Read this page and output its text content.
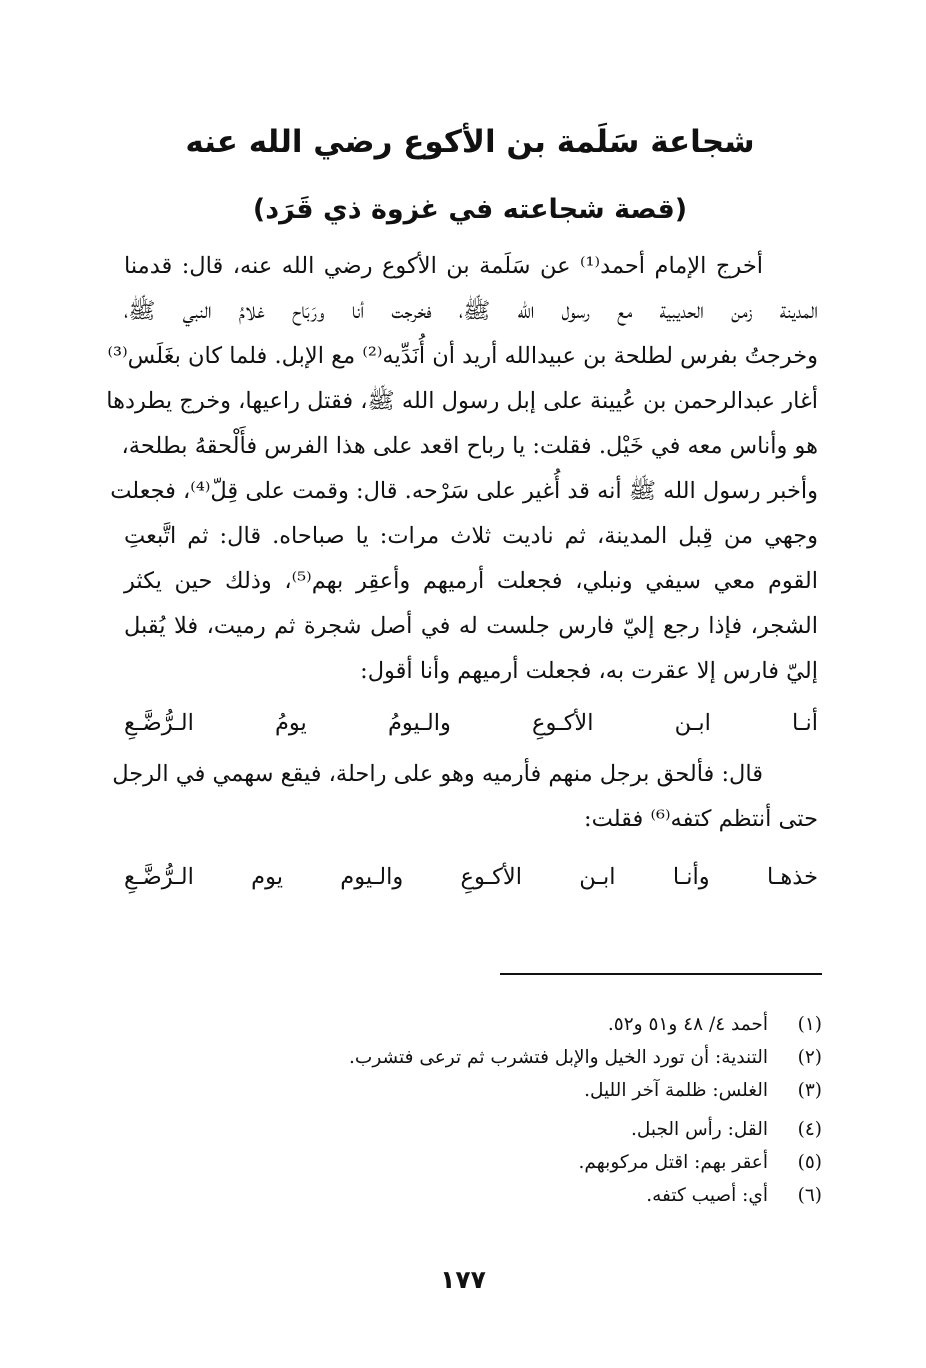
شجاعة سَلَمة بن الأكوع رضي الله عنه
(قصة شجاعته في غزوة ذي قَرَد)
أخرج الإمام أحمد⁽¹⁾ عن سَلَمة بن الأكوع رضي الله عنه، قال: قدمنا
المدينة زمن الحديبية مع رسول الله ﷺ، فخرجت أنا ورَبَاح غلامُ النبي ﷺ،
وخرجتُ بفرس لطلحة بن عبيدالله أريد أن أُنَدِّيه⁽²⁾ مع الإبل. فلما كان بغَلَس⁽³⁾
أغار عبدالرحمن بن عُيينة على إبل رسول الله ﷺ، فقتل راعيها، وخرج يطردها
هو وأناس معه في خَيْل. فقلت: يا رباح اقعد على هذا الفرس فأَلْحقهُ بطلحة،
وأخبر رسول الله ﷺ أنه قد أُغير على سَرْحه. قال: وقمت على قِلّ⁽⁴⁾، فجعلت
وجهي من قِبل المدينة، ثم ناديت ثلاث مرات: يا صباحاه. قال: ثم اتَّبعتِ
القوم معي سيفي ونبلي، فجعلت أرميهم وأعقِر بهم⁽⁵⁾، وذلك حين يكثر
الشجر، فإذا رجع إليّ فارس جلست له في أصل شجرة ثم رميت، فلا يُقبل
إليّ فارس إلا عقرت به، فجعلت أرميهم وأنا أقول:
أنـا
ابـن
الأكـوعِ
والـيومُ
يومُ
الـرُّضَّـعِ
قال: فألحق برجل منهم فأرميه وهو على راحلة، فيقع سهمي في الرجل
حتى أنتظم كتفه⁽⁶⁾ فقلت:
خذهـا
وأنـا
ابـن
الأكـوعِ
والـيوم
يوم
الـرُّضَّـعِ
(١)
أحمد ٤/ ٤٨ و٥١ و٥٢.
(٢)
التندية: أن تورد الخيل والإبل فتشرب ثم ترعى فتشرب.
(٣)
الغلس: ظلمة آخر الليل.
(٤)
القل: رأس الجبل.
(٥)
أعقر بهم: اقتل مركوبهم.
(٦)
أي: أصيب كتفه.
١٧٧
